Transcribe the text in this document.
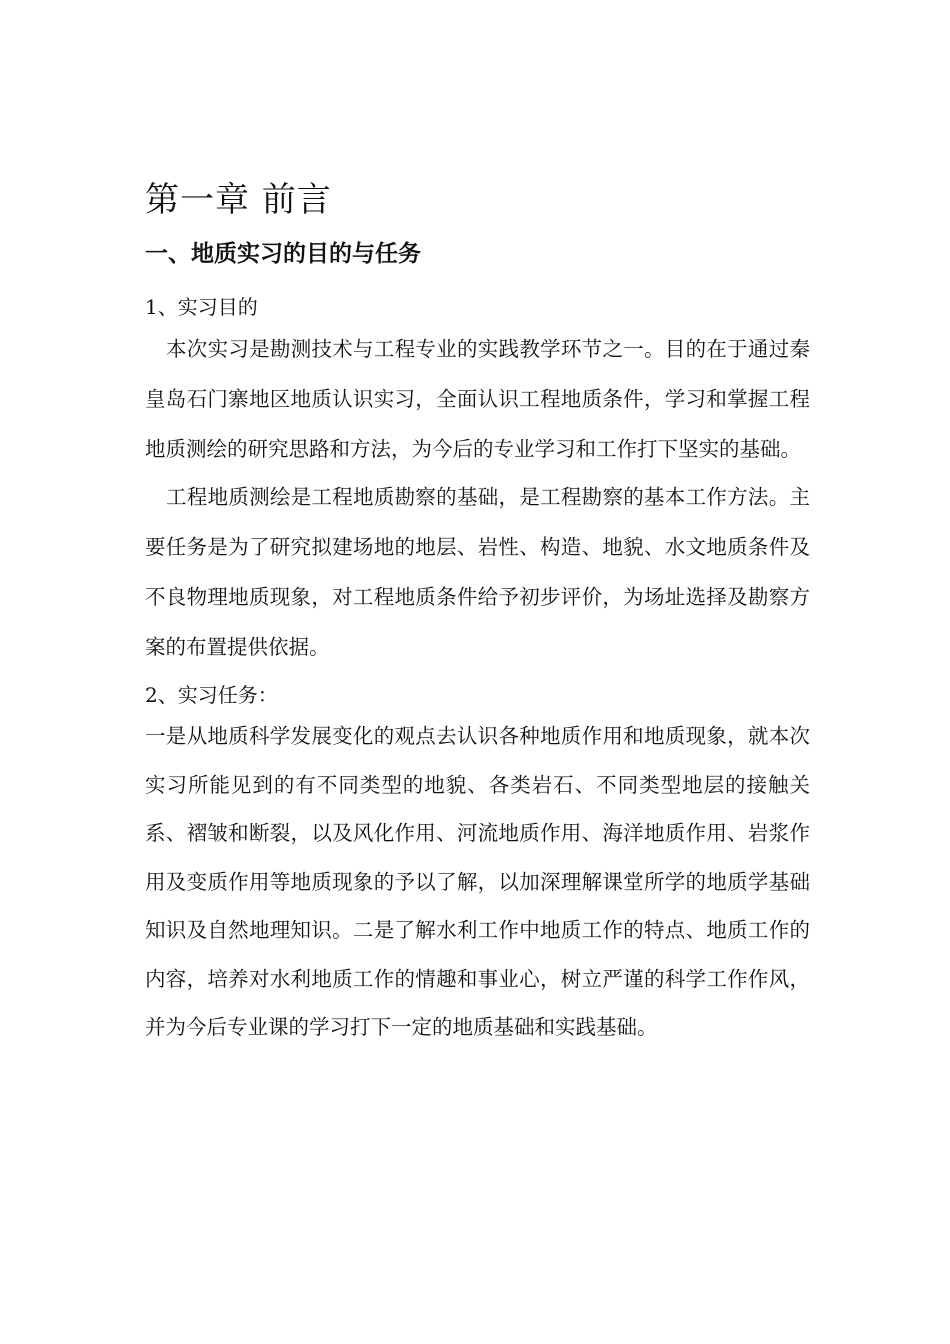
第一章 前言
一、地质实习的目的与任务
1、实习目的

本次实习是勘测技术与工程专业的实践教学环节之一。目的在于通过秦皇岛石门寨地区地质认识实习，全面认识工程地质条件，学习和掌握工程地质测绘的研究思路和方法，为今后的专业学习和工作打下坚实的基础。

工程地质测绘是工程地质勘察的基础，是工程勘察的基本工作方法。主要任务是为了研究拟建场地的地层、岩性、构造、地貌、水文地质条件及不良物理地质现象，对工程地质条件给予初步评价，为场址选择及勘察方案的布置提供依据。

2、实习任务：

一是从地质科学发展变化的观点去认识各种地质作用和地质现象，就本次实习所能见到的有不同类型的地貌、各类岩石、不同类型地层的接触关系、褶皱和断裂，以及风化作用、河流地质作用、海洋地质作用、岩浆作用及变质作用等地质现象的予以了解，以加深理解课堂所学的地质学基础知识及自然地理知识。二是了解水利工作中地质工作的特点、地质工作的内容，培养对水利地质工作的情趣和事业心，树立严谨的科学工作作风，并为今后专业课的学习打下一定的地质基础和实践基础。
